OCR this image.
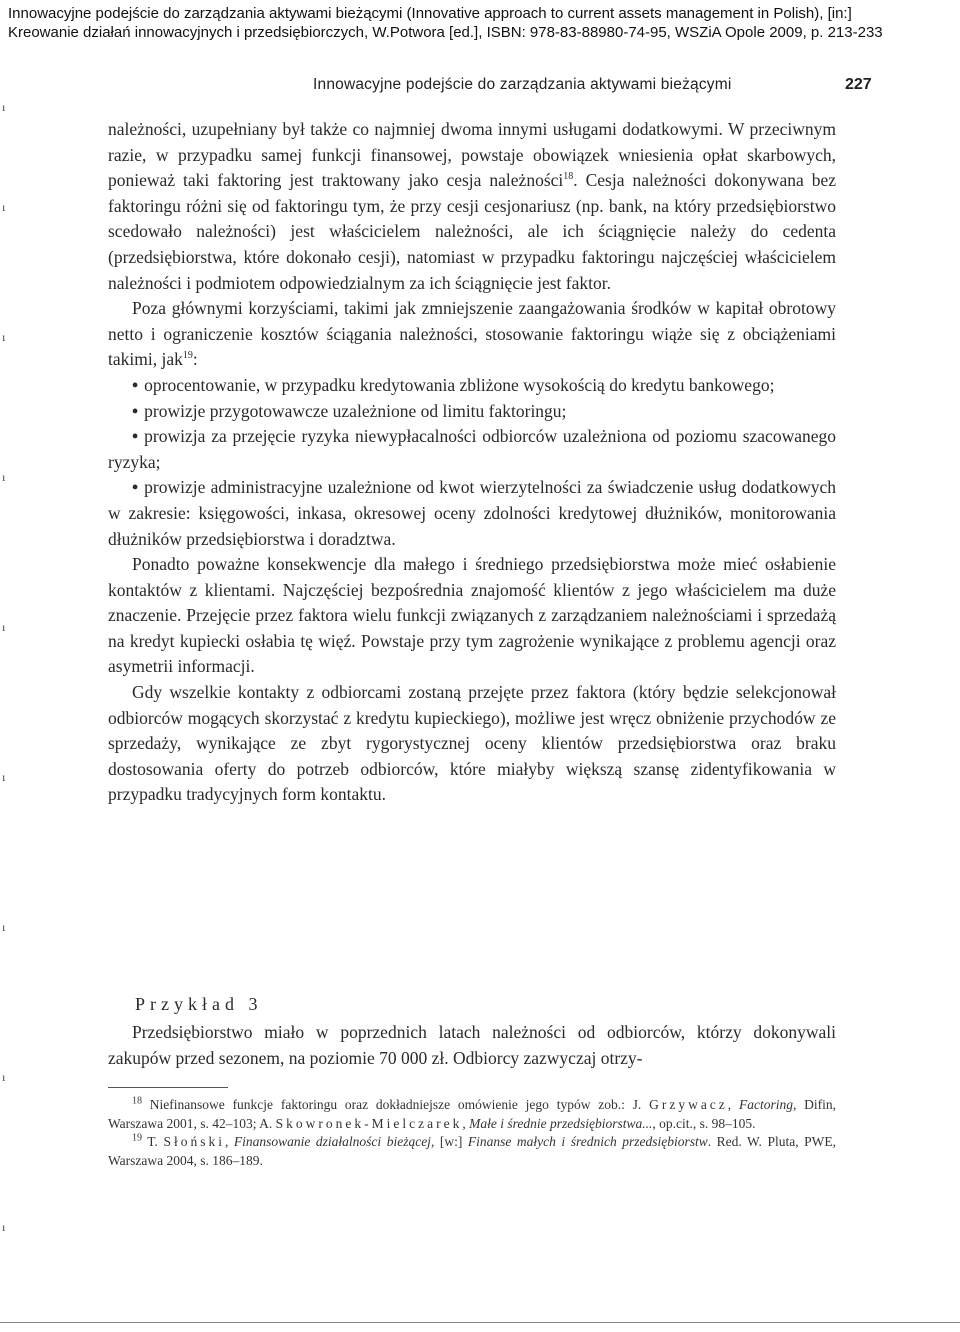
Innowacyjne podejście do zarządzania aktywami bieżącymi (Innovative approach to current assets management in Polish), [in:]
Kreowanie działań innowacyjnych i przedsiębiorczych, W.Potwora [ed.], ISBN: 978-83-88980-74-95, WSZiA Opole 2009, p. 213-233
Innowacyjne podejście do zarządzania aktywami bieżącymi	227

należności, uzupełniany był także co najmniej dwoma innymi usługami dodatkowymi. W przeciwnym razie, w przypadku samej funkcji finansowej, powstaje obowiązek wniesienia opłat skarbowych, ponieważ taki faktoring jest traktowany jako cesja należności$^{18}$. Cesja należności dokonywana bez faktoringu różni się od faktoringu tym, że przy cesji cesjonariusz (np. bank, na który przedsiębiorstwo scedowało należności) jest właścicielem należności, ale ich ściągnięcie należy do cedenta (przedsiębiorstwa, które dokonało cesji), natomiast w przypadku faktoringu najczęściej właścicielem należności i podmiotem odpowiedzialnym za ich ściągnięcie jest faktor.

Poza głównymi korzyściami, takimi jak zmniejszenie zaangażowania środków w kapitał obrotowy netto i ograniczenie kosztów ściągania należności, stosowanie faktoringu wiąże się z obciążeniami takimi, jak$^{19}$:

• oprocentowanie, w przypadku kredytowania zbliżone wysokością do kredytu bankowego;

• prowizje przygotowawcze uzależnione od limitu faktoringu;

• prowizja za przejęcie ryzyka niewypłacalności odbiorców uzależniona od poziomu szacowanego ryzyka;

• prowizje administracyjne uzależnione od kwot wierzytelności za świadczenie usług dodatkowych w zakresie: księgowości, inkasa, okresowej oceny zdolności kredytowej dłużników, monitorowania dłużników przedsiębiorstwa i doradztwa.

Ponadto poważne konsekwencje dla małego i średniego przedsiębiorstwa może mieć osłabienie kontaktów z klientami. Najczęściej bezpośrednia znajomość klientów z jego właścicielem ma duże znaczenie. Przejęcie przez faktora wielu funkcji związanych z zarządzaniem należnościami i sprzedażą na kredyt kupiecki osłabia tę więź. Powstaje przy tym zagrożenie wynikające z problemu agencji oraz asymetrii informacji.

Gdy wszelkie kontakty z odbiorcami zostaną przejęte przez faktora (który będzie selekcjonował odbiorców mogących skorzystać z kredytu kupieckiego), możliwe jest wręcz obniżenie przychodów ze sprzedaży, wynikające ze zbyt rygorystycznej oceny klientów przedsiębiorstwa oraz braku dostosowania oferty do potrzeb odbiorców, które miałyby większą szansę zidentyfikowania w przypadku tradycyjnych form kontaktu.

Przykład 3
Przedsiębiorstwo miało w poprzednich latach należności od odbiorców, którzy dokonywali zakupów przed sezonem, na poziomie 70 000 zł. Odbiorcy zazwyczaj otrzy-

$^{18}$ Niefinansowe funkcje faktoringu oraz dokładniejsze omówienie jego typów zob.: J. Grzywacz, Factoring, Difin, Warszawa 2001, s. 42–103; A. Skowronek-Mielczarek, Małe i średnie przedsiębiorstwa..., op.cit., s. 98–105.

$^{19}$ T. Słoński, Finansowanie działalności bieżącej, [w:] Finanse małych i średnich przedsiębiorstw. Red. W. Pluta, PWE, Warszawa 2004, s. 186–189.

ı
ı
ı
ı
ı
ı
ı
ı
ı
